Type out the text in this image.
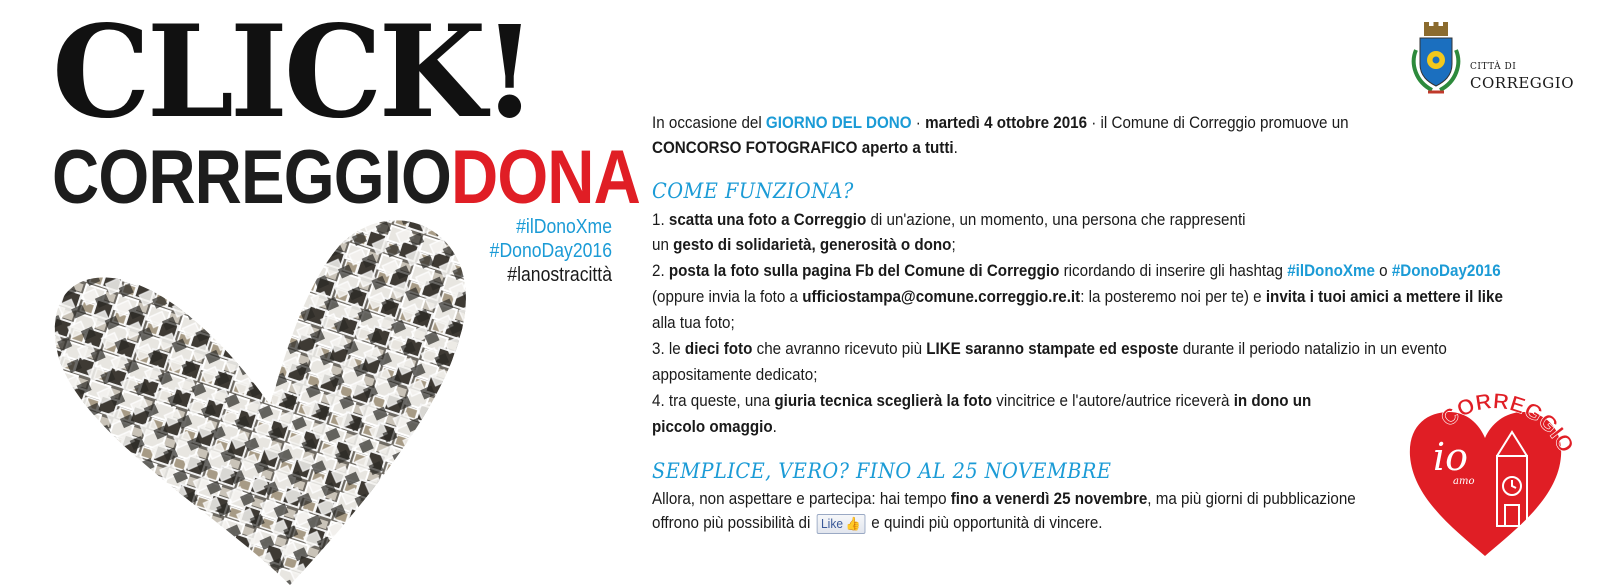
CLICK!
CORREGGIODONA
#ilDonoXme
#DonoDay2016
#lanostracittà
CITTÀ DI
CORREGGIO
In occasione del GIORNO DEL DONO · martedì 4 ottobre 2016 · il Comune di Correggio promuove un
CONCORSO FOTOGRAFICO aperto a tutti.
COME FUNZIONA?
1. scatta una foto a Correggio di un'azione, un momento, una persona che rappresenti
un gesto di solidarietà, generosità o dono;
2. posta la foto sulla pagina Fb del Comune di Correggio ricordando di inserire gli hashtag #ilDonoXme o #DonoDay2016
(oppure invia la foto a ufficiostampa@comune.correggio.re.it: la posteremo noi per te) e invita i tuoi amici a mettere il like
alla tua foto;
3. le dieci foto che avranno ricevuto più LIKE saranno stampate ed esposte durante il periodo natalizio in un evento
appositamente dedicato;
4. tra queste, una giuria tecnica sceglierà la foto vincitrice e l'autore/autrice riceverà in dono un
piccolo omaggio.
SEMPLICE, VERO? FINO AL 25 NOVEMBRE
Allora, non aspettare e partecipa: hai tempo fino a venerdì 25 novembre, ma più giorni di pubblicazione
offrono più possibilità di Like 👍 e quindi più opportunità di vincere.
CORREGGIO
io
amo
